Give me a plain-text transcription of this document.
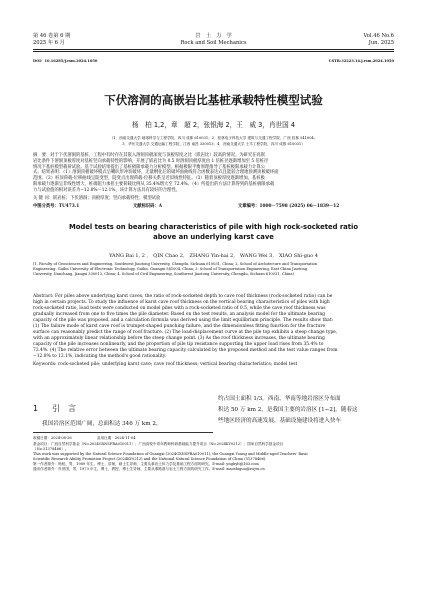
第 46 卷第 6 期
2025 年 6 月
岩　土　力　学
Rock and Soil Mechanics
Vol.46 No.6
Jun. 2025
DOI：10.16285/j.rsm.2024.1050	CSTR:32223.14.j.rsm.2024.1050
下伏溶洞的高嵌岩比基桩承载特性模型试验
杨　柏 1,2，章　超 2，张银海 2，王　威 3，肖世国 4
（1．西南交通大学 地球科学与工程学院，四川 成都 610031；2．桂林电子科技大学 建筑与交通工程学院，广西 桂林 541004；
3．华东交通大学 交通运输工程学院，江西 南昌 330013；4．西南交通大学 土木工程学院，四川 成都 610031）
摘　要：对于下伏溶洞的基桩，工程中有时存在其嵌入溶洞顶板深度与顶板厚度之比（嵌岩比）较高的情况。为研究在高嵌
岩比条件下溶洞顶板厚度对基桩竖向承载特性的影响，开展了嵌岩比为 0.5 时溶洞顶板厚度由 1 倍桩径逐渐增加至 5 倍桩径
情况下基桩模型载荷试验。基于试验结果提出了基桩极限承载力分析模型。根据极限平衡原理推导了基桩极限承载力计算公
式。结果表明：（1）溶洞顶板破坏模式呈喇叭形冲切破坏，无量纲化后的破坏面曲线符合函数表达式且能较合理地预测顶板破坏面
范围。（2）桩顶荷载-位移曲线呈陡变型，陡变点出现荷载-位移关系呈近似线性特征。（3）随着顶板厚度逐渐增加，基桩极
限承载力逐渐呈非线性增大，桩端阻力承担主要荷载比例从 35.4%增大至 72.4%。（4）所提出的方法计算得到的基桩极限承载
力与试验值的相对误差为−12.8%～12.1%，该计算方法具有较好的合理性。
关 键 词：嵌岩桩；下伏溶洞；顶板厚度；竖向承载特性；模型试验
中图分类号：TU473.1	文献标识码：A	文章编号：1000－7598 (2025) 06－1839－12
Model tests on bearing characteristics of pile with high rock-socketed ratio
above an underlying karst cave
YANG Bai 1, 2 ,　QIN Chao 2,　ZHANG Yin-hai 2,　WANG Wei 3,　XIAO Shi-guo 4
(1. Faculty of Geosciences and Engineering, Southwest Jiaotong University, Chengdu, Sichuan 610031, China; 2. School of Architecture and Transportation
Engineering, Guilin University of Electronic Technology, Guilin, Guangxi 541004, China; 3. School of Transportation Engineering, East China Jiaotong
University, Nanchang, Jiangxi 330013, China; 4. School of Civil Engineering, Southwest Jiaotong University, Chengdu, Sichuan 610031, China)
Abstract: For piles above underlying karst caves, the ratio of rock-socketed depth to cave roof thickness (rock-socketed ratio) can be
high in certain projects. To study the influence of karst cave roof thickness on the vertical bearing characteristics of piles with high
rock-socketed ratio, load tests were conducted on model piles with a rock-socketed ratio of 0.5, while the cave roof thickness was
gradually increased from one to five times the pile diameter. Based on the test results, an analysis model for the ultimate bearing
capacity of the pile was proposed, and a calculation formula was derived using the limit equilibrium principle. The results show that:
(1) The failure mode of karst cave roof is trumpet-shaped punching failure, and the dimensionless fitting function for the fracture
surface can reasonably predict the range of roof fracture. (2) The load-displacement curve at the pile top exhibits a steep change type,
with an approximately linear relationship before the steep change point. (3) As the roof thickness increases, the ultimate bearing
capacity of the pile increases nonlinearly, and the proportion of pile tip resistance supporting the upper load rises from 35.4% to
72.4%. (4) The relative error between the ultimate bearing capacity calculated by the proposed method and the test value ranges from
−12.8% to 12.1%, indicating the method's good rationality.
Keywords: rock-socketed pile; underlying karst cave; cave roof thickness; vertical bearing characteristics; model test
1 引　言
我国岩溶区范围广阔，总面积达 346 万 km 2，
约占国土面积 1/3。西南、华南等地岩溶区分布面
积达 50 万 km 2，是我国主要的岩溶区 [1−2]。随着这
些地区经济的高速发展，基础设施建设将进入快车
收稿日期：2024-08-26　　　　　　　录用日期：2024-11-04
基金项目：广西自然科学基金（No.2024GXNSFBA010011）；广西高校中青年教师科研基础能力提升项目（No.2024KY0212）；国家自然科学基金项目
（No.51378466）。
This work was supported by the Natural Science Foundation of Guangxi (2024GXNSFBA010011), the Guangxi Young and Middle-aged Teachers' Basic
Scientific Research Ability Promotion Project (2024KY0212) and the National Natural Science Foundation of China (51378466).
第一作者简介：杨柏，男，1989 年生，博士，讲师，硕士生导师，主要从事岩土体力学及基础工程方面的研究。E-mail: ynghyb@163.com
通讯作者简介：肖世国，男，1973 年生，博士，教授，博士生导师，主要从事路基与岩土工程方面的研究工作。E-mail: xiaoshiguo@swjtu.cn
